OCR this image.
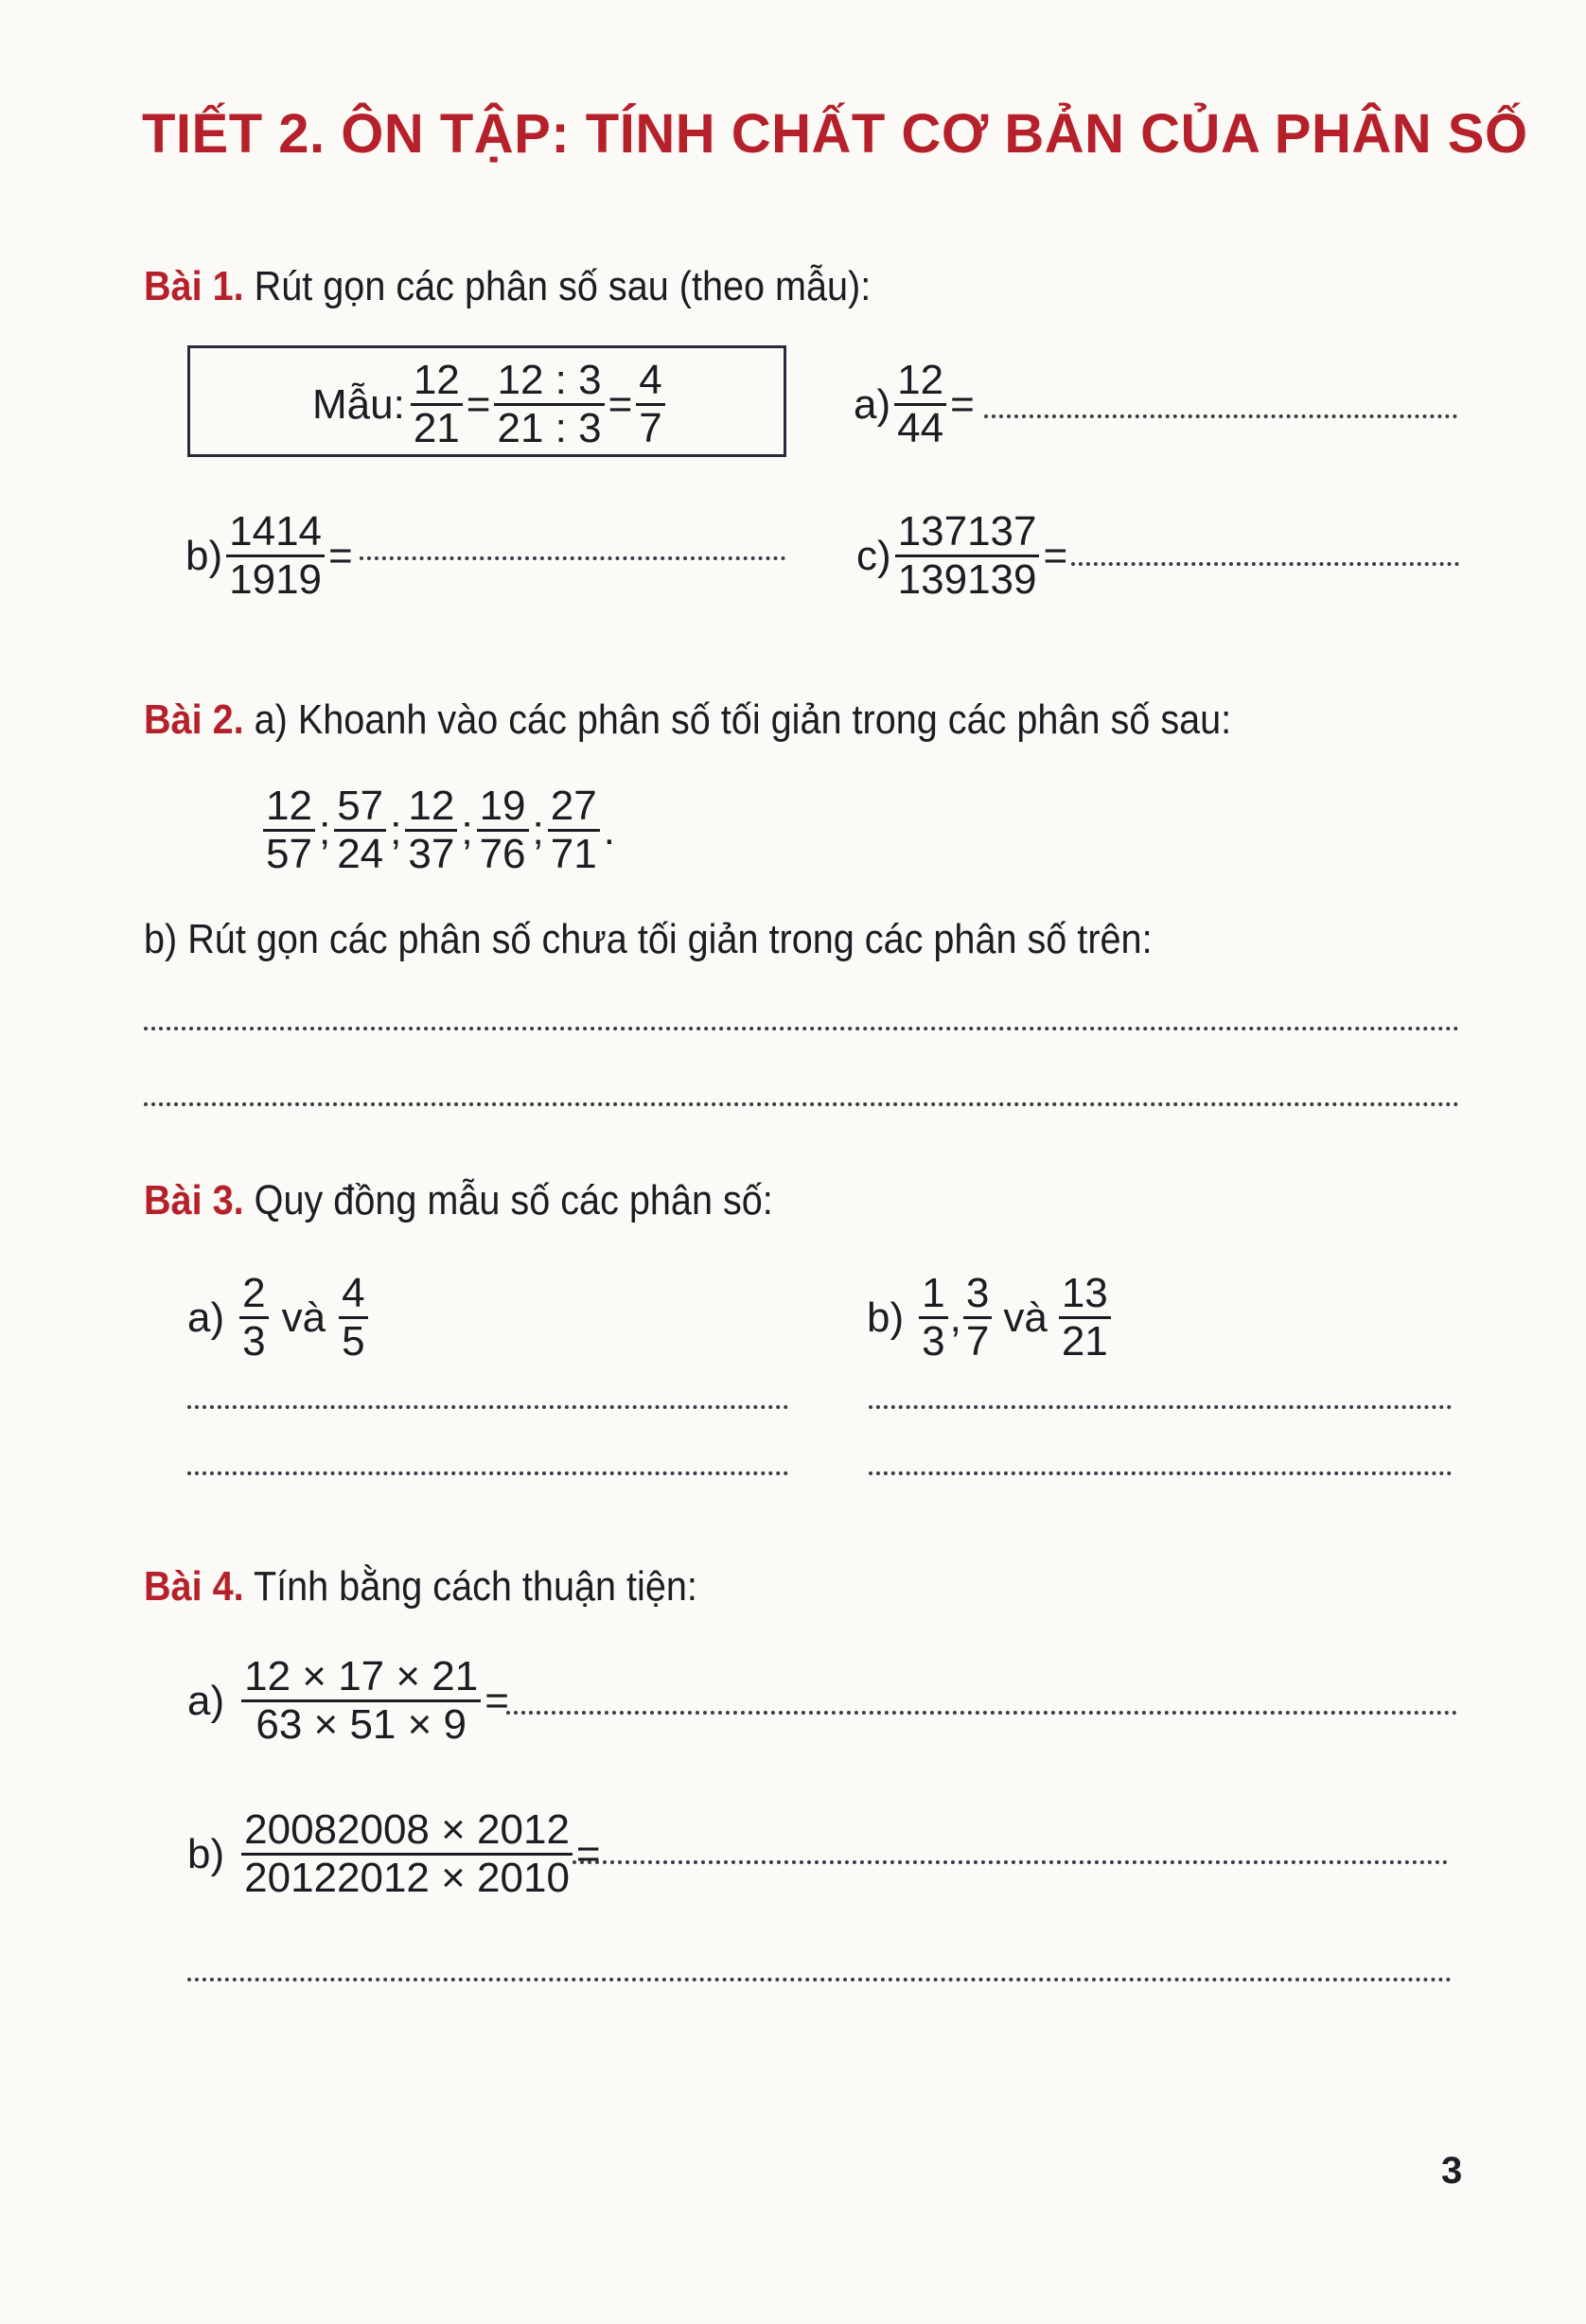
TIẾT 2. ÔN TẬP: TÍNH CHẤT CƠ BẢN CỦA PHÂN SỐ
Bài 1. Rút gọn các phân số sau (theo mẫu):
Mẫu: $\frac{12}{21} = \frac{12 : 3}{21 : 3} = \frac{4}{7}$	$a) \frac{12}{44}$ =
$b) \frac{1414}{1919}$ =	$c) \frac{137137}{139139}$ =
Bài 2. a) Khoanh vào các phân số tối giản trong các phân số sau:
$\frac{12}{57}$ ; $\frac{57}{24}$ ; $\frac{12}{37}$ ; $\frac{19}{76}$ ; $\frac{27}{71}$ .
b) Rút gọn các phân số chưa tối giản trong các phân số trên:
Bài 3. Quy đồng mẫu số các phân số:
$a) \frac{2}{3}$ và $\frac{4}{5}$	$b) \frac{1}{3}$ , $\frac{3}{7}$ và $\frac{13}{21}$
Bài 4. Tính bằng cách thuận tiện:
$a) \frac{12 \times 17 \times 21}{63 \times 51 \times 9}$ =
$b) \frac{20082008 \times 2012}{20122012 \times 2010}$ =
3
